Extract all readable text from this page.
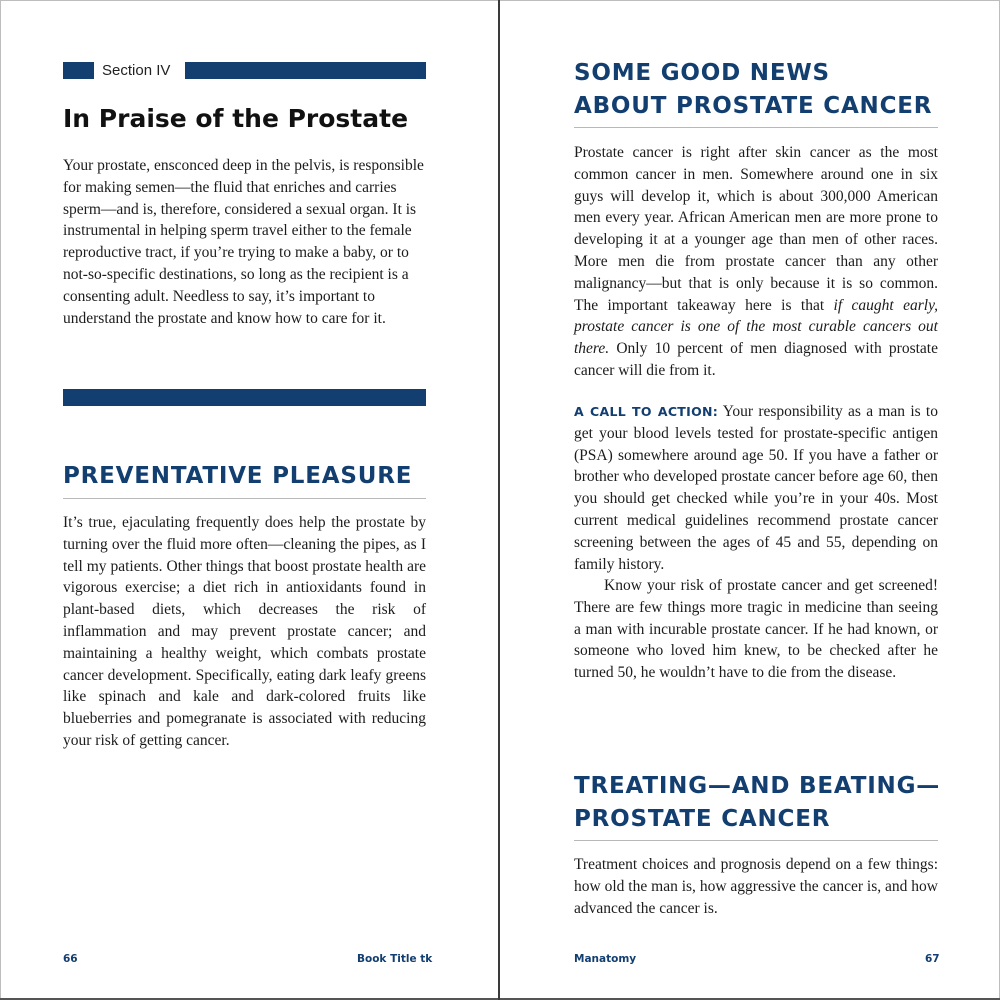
Section IV
In Praise of the Prostate
Your prostate, ensconced deep in the pelvis, is responsible for making semen—the fluid that enriches and carries sperm—and is, therefore, considered a sexual organ. It is instrumental in helping sperm travel either to the female reproductive tract, if you’re trying to make a baby, or to not-so-specific destinations, so long as the recipient is a consenting adult. Needless to say, it’s important to understand the prostate and know how to care for it.
PREVENTATIVE PLEASURE
It’s true, ejaculating frequently does help the prostate by turning over the fluid more often—cleaning the pipes, as I tell my patients. Other things that boost prostate health are vigorous exercise; a diet rich in antioxidants found in plant-based diets, which decreases the risk of inflammation and may prevent prostate cancer; and maintaining a healthy weight, which combats prostate cancer development. Specifically, eating dark leafy greens like spinach and kale and dark-colored fruits like blueberries and pomegranate is associated with reducing your risk of getting cancer.
66	Book Title tk
SOME GOOD NEWS
ABOUT PROSTATE CANCER
Prostate cancer is right after skin cancer as the most common cancer in men. Somewhere around one in six guys will develop it, which is about 300,000 American men every year. African American men are more prone to developing it at a younger age than men of other races. More men die from prostate cancer than any other malignancy—but that is only because it is so common. The important takeaway here is that if caught early, prostate cancer is one of the most curable cancers out there. Only 10 percent of men diagnosed with prostate cancer will die from it.
A CALL TO ACTION: Your responsibility as a man is to get your blood levels tested for prostate-specific antigen (PSA) somewhere around age 50. If you have a father or brother who developed prostate cancer before age 60, then you should get checked while you’re in your 40s. Most current medical guidelines recommend prostate cancer screening between the ages of 45 and 55, depending on family history.
Know your risk of prostate cancer and get screened! There are few things more tragic in medicine than seeing a man with incurable prostate cancer. If he had known, or someone who loved him knew, to be checked after he turned 50, he wouldn’t have to die from the disease.
TREATING—AND BEATING—
PROSTATE CANCER
Treatment choices and prognosis depend on a few things: how old the man is, how aggressive the cancer is, and how advanced the cancer is.
Manatomy	67
